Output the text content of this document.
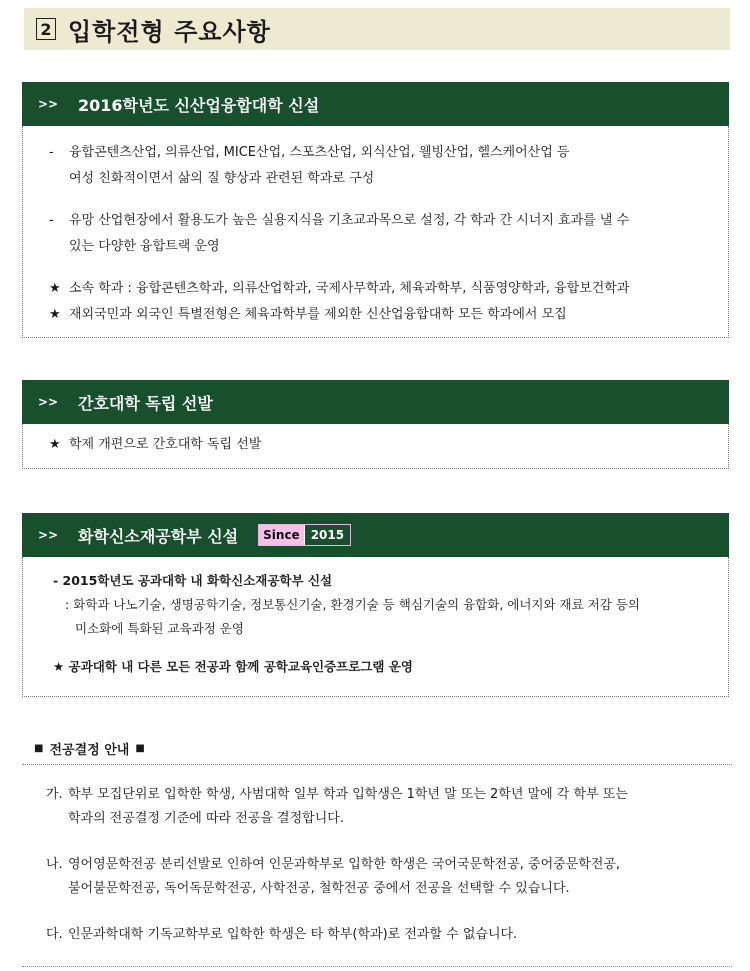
2 입학전형 주요사항
>>	2016학년도 신산업융합대학 신설
-	융합콘텐츠산업, 의류산업, MICE산업, 스포츠산업, 외식산업, 웰빙산업, 헬스케어산업 등
여성 친화적이면서 삶의 질 향상과 관련된 학과로 구성
-	유망 산업현장에서 활용도가 높은 실용지식을 기초교과목으로 설정, 각 학과 간 시너지 효과를 낼 수
있는 다양한 융합트랙 운영
★ 소속 학과 : 융합콘텐츠학과, 의류산업학과, 국제사무학과, 체육과학부, 식품영양학과, 융합보건학과
★ 재외국민과 외국인 특별전형은 체육과학부를 제외한 신산업융합대학 모든 학과에서 모집
>>	간호대학 독립 선발
★ 학제 개편으로 간호대학 독립 선발
>>	화학신소재공학부 신설	Since 2015
- 2015학년도 공과대학 내 화학신소재공학부 신설
: 화학과 나노기술, 생명공학기술, 정보통신기술, 환경기술 등 핵심기술의 융합화, 에너지와 재료 저감 등의
미소화에 특화된 교육과정 운영
★ 공과대학 내 다른 모든 전공과 함께 공학교육인증프로그램 운영
■ 전공결정 안내 ■
가. 학부 모집단위로 입학한 학생, 사범대학 일부 학과 입학생은 1학년 말 또는 2학년 말에 각 학부 또는
학과의 전공결정 기준에 따라 전공을 결정합니다.
나. 영어영문학전공 분리선발로 인하여 인문과학부로 입학한 학생은 국어국문학전공, 중어중문학전공,
불어불문학전공, 독어독문학전공, 사학전공, 철학전공 중에서 전공을 선택할 수 있습니다.
다. 인문과학대학 기독교학부로 입학한 학생은 타 학부(학과)로 전과할 수 없습니다.
